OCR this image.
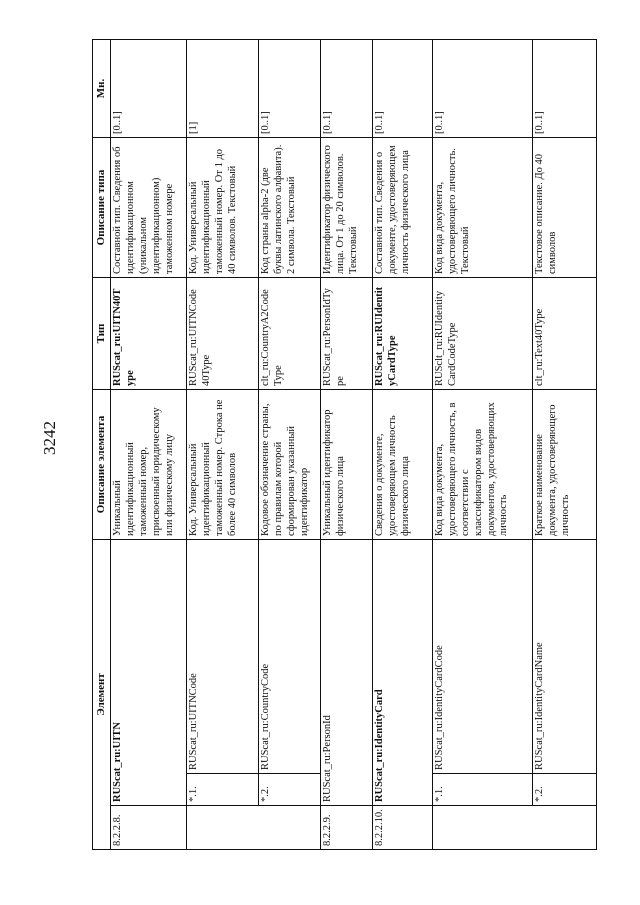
3242
Элемент			Описание элемента	Тип	Описание типа	Мн.
8.2.2.8.	RUScat_ru:UITN		Уникальный идентификационный таможенный номер, присвоенный юридическому или физическому лицу	RUScat_ru:UITN40T ype	Составной тип. Сведения об идентификационном (уникальном идентификационном) таможенном номере	[0..1]
	*.1.	RUScat_ru:UITNCode	Код. Универсальный идентификационный таможенный номер. Строка не более 40 символов	RUScat_ru:UITNCode 40Type	Код. Универсальный идентификационный таможенный номер. От 1 до 40 символов. Текстовый	[1]
	*.2.	RUScat_ru:CountryCode	Кодовое обозначение страны, по правилам которой сформирован указанный идентификатор	clt_ru:CountryA2Code Type	Код страны alpha-2 (две буквы латинского алфавита). 2 символа. Текстовый	[0..1]
8.2.2.9.	RUScat_ru:PersonId		Уникальный идентификатор физического лица	RUScat_ru:PersonIdTy pe	Идентификатор физического лица. От 1 до 20 символов. Текстовый	[0..1]
8.2.2.10.	RUScat_ru:IdentityCard		Сведения о документе, удостоверяющем личность физического лица	RUScat_ru:RUIdentit yCardType	Составной тип. Сведения о документе, удостоверяющем личность физического лица	[0..1]
	*.1.	RUScat_ru:IdentityCardCode	Код вида документа, удостоверяющего личность, в соответствии с классификатором видов документов, удостоверяющих личность	RUSclt_ru:RUIdentity CardCodeType	Код вида документа, удостоверяющего личность. Текстовый	[0..1]
	*.2.	RUScat_ru:IdentityCardName	Краткое наименование документа, удостоверяющего личность	clt_ru:Text40Type	Текстовое описание. До 40 символов	[0..1]
